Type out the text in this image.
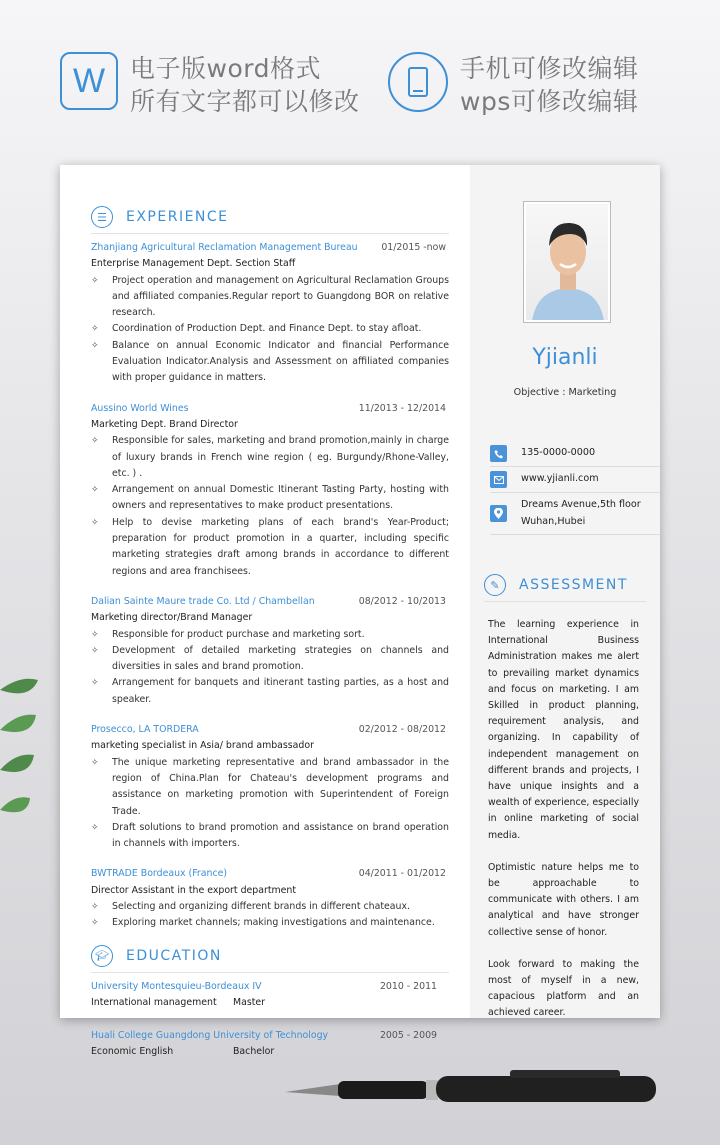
W 电子版word格式
所有文字都可以修改
手机可修改编辑
wps可修改编辑
☰	EXPERIENCE
Zhanjiang Agricultural Reclamation Management Bureau	01/2015 -now
Enterprise Management Dept. Section Staff
✧ Project operation and management on Agricultural Reclamation Groups and affiliated companies.Regular report to Guangdong BOR on relative research.
✧ Coordination of Production Dept. and Finance Dept. to stay afloat.
✧ Balance on annual Economic Indicator and financial Performance Evaluation Indicator.Analysis and Assessment on affiliated companies with proper guidance in matters.
Aussino World Wines	11/2013 - 12/2014
Marketing Dept. Brand Director
✧ Responsible for sales, marketing and brand promotion,mainly in charge of luxury brands in French wine region ( eg. Burgundy/Rhone-Valley, etc. ) .
✧ Arrangement on annual Domestic Itinerant Tasting Party, hosting with owners and representatives to make product presentations.
✧ Help to devise marketing plans of each brand's Year-Product; preparation for product promotion in a quarter, including specific marketing strategies draft among brands in accordance to different regions and area franchisees.
Dalian Sainte Maure trade Co. Ltd / Chambellan	08/2012 - 10/2013
Marketing director/Brand Manager
✧ Responsible for product purchase and marketing sort.
✧ Development of detailed marketing strategies on channels and diversities in sales and brand promotion.
✧ Arrangement for banquets and itinerant tasting parties, as a host and speaker.
Prosecco, LA TORDERA	02/2012 - 08/2012
marketing specialist in Asia/ brand ambassador
✧ The unique marketing representative and brand ambassador in the region of China.Plan for Chateau's development programs and assistance on marketing promotion with Superintendent of Foreign Trade.
✧ Draft solutions to brand promotion and assistance on brand operation in channels with importers.
BWTRADE Bordeaux (France)	04/2011 - 01/2012
Director Assistant in the export department
✧ Selecting and organizing different brands in different chateaux.
✧ Exploring market channels; making investigations and maintenance.
🎓︎ EDUCATION
University Montesquieu-Bordeaux IV	2010 - 2011
International management	Master
Huali College Guangdong University of Technology	2005 - 2009
Economic English	Bachelor
Yjianli
Objective : Marketing
135-0000-0000
www.yjianli.com
Dreams Avenue,5th floor
Wuhan,Hubei
✎	ASSESSMENT

The learning experience in International Business Administration makes me alert to prevailing market dynamics and focus on marketing. I am Skilled in product planning, requirement analysis, and organizing. In capability of independent management on different brands and projects, I have unique insights and a wealth of experience, especially in online marketing of social media.

Optimistic nature helps me to be approachable to communicate with others. I am analytical and have stronger collective sense of honor.

Look forward to making the most of myself in a new, capacious platform and an achieved career.
